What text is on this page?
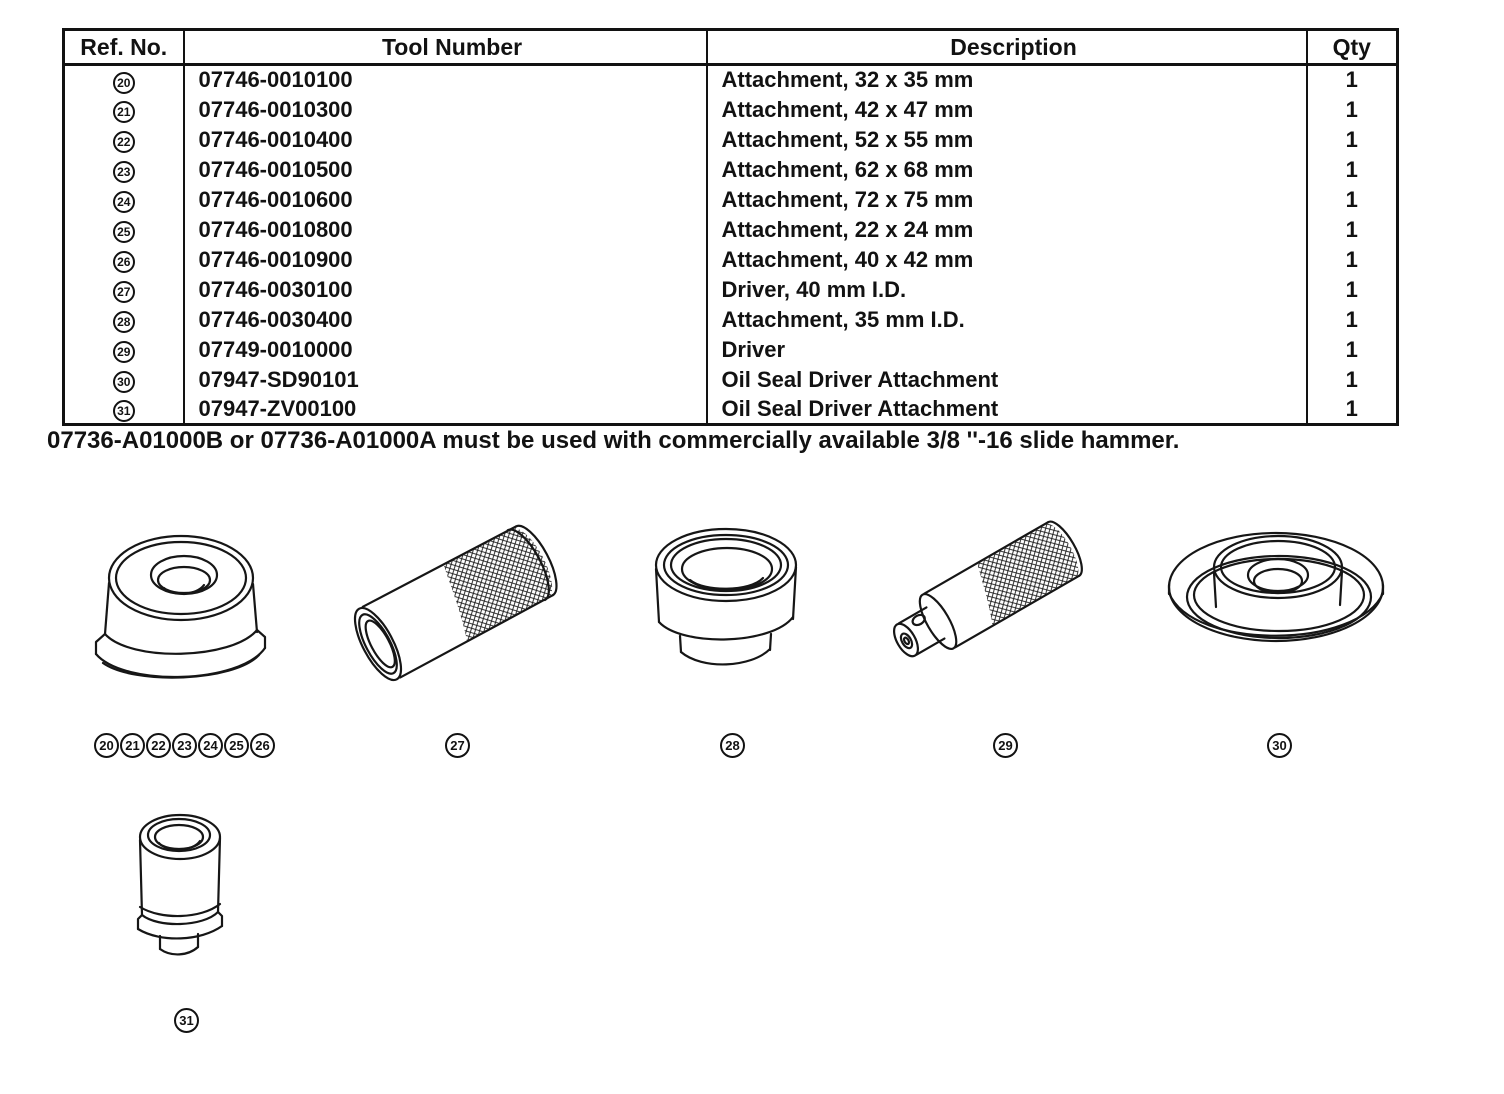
Ref. No.	Tool Number	Description	Qty

20	07746-0010100	Attachment, 32 x 35 mm	1

21	07746-0010300	Attachment, 42 x 47 mm	1

22	07746-0010400	Attachment, 52 x 55 mm	1

23	07746-0010500	Attachment, 62 x 68 mm	1

24	07746-0010600	Attachment, 72 x 75 mm	1

25	07746-0010800	Attachment, 22 x 24 mm	1

26	07746-0010900	Attachment, 40 x 42 mm	1

27	07746-0030100	Driver, 40 mm I.D.	1

28	07746-0030400	Attachment, 35 mm I.D.	1

29	07749-0010000	Driver	1

30	07947-SD90101	Oil Seal Driver Attachment	1

31	07947-ZV00100	Oil Seal Driver Attachment	1
07736-A01000B or 07736-A01000A must be used with commercially available 3/8 ''-16 slide hammer.
20 21 22 23 24 25 26	27	28	29	30
31
